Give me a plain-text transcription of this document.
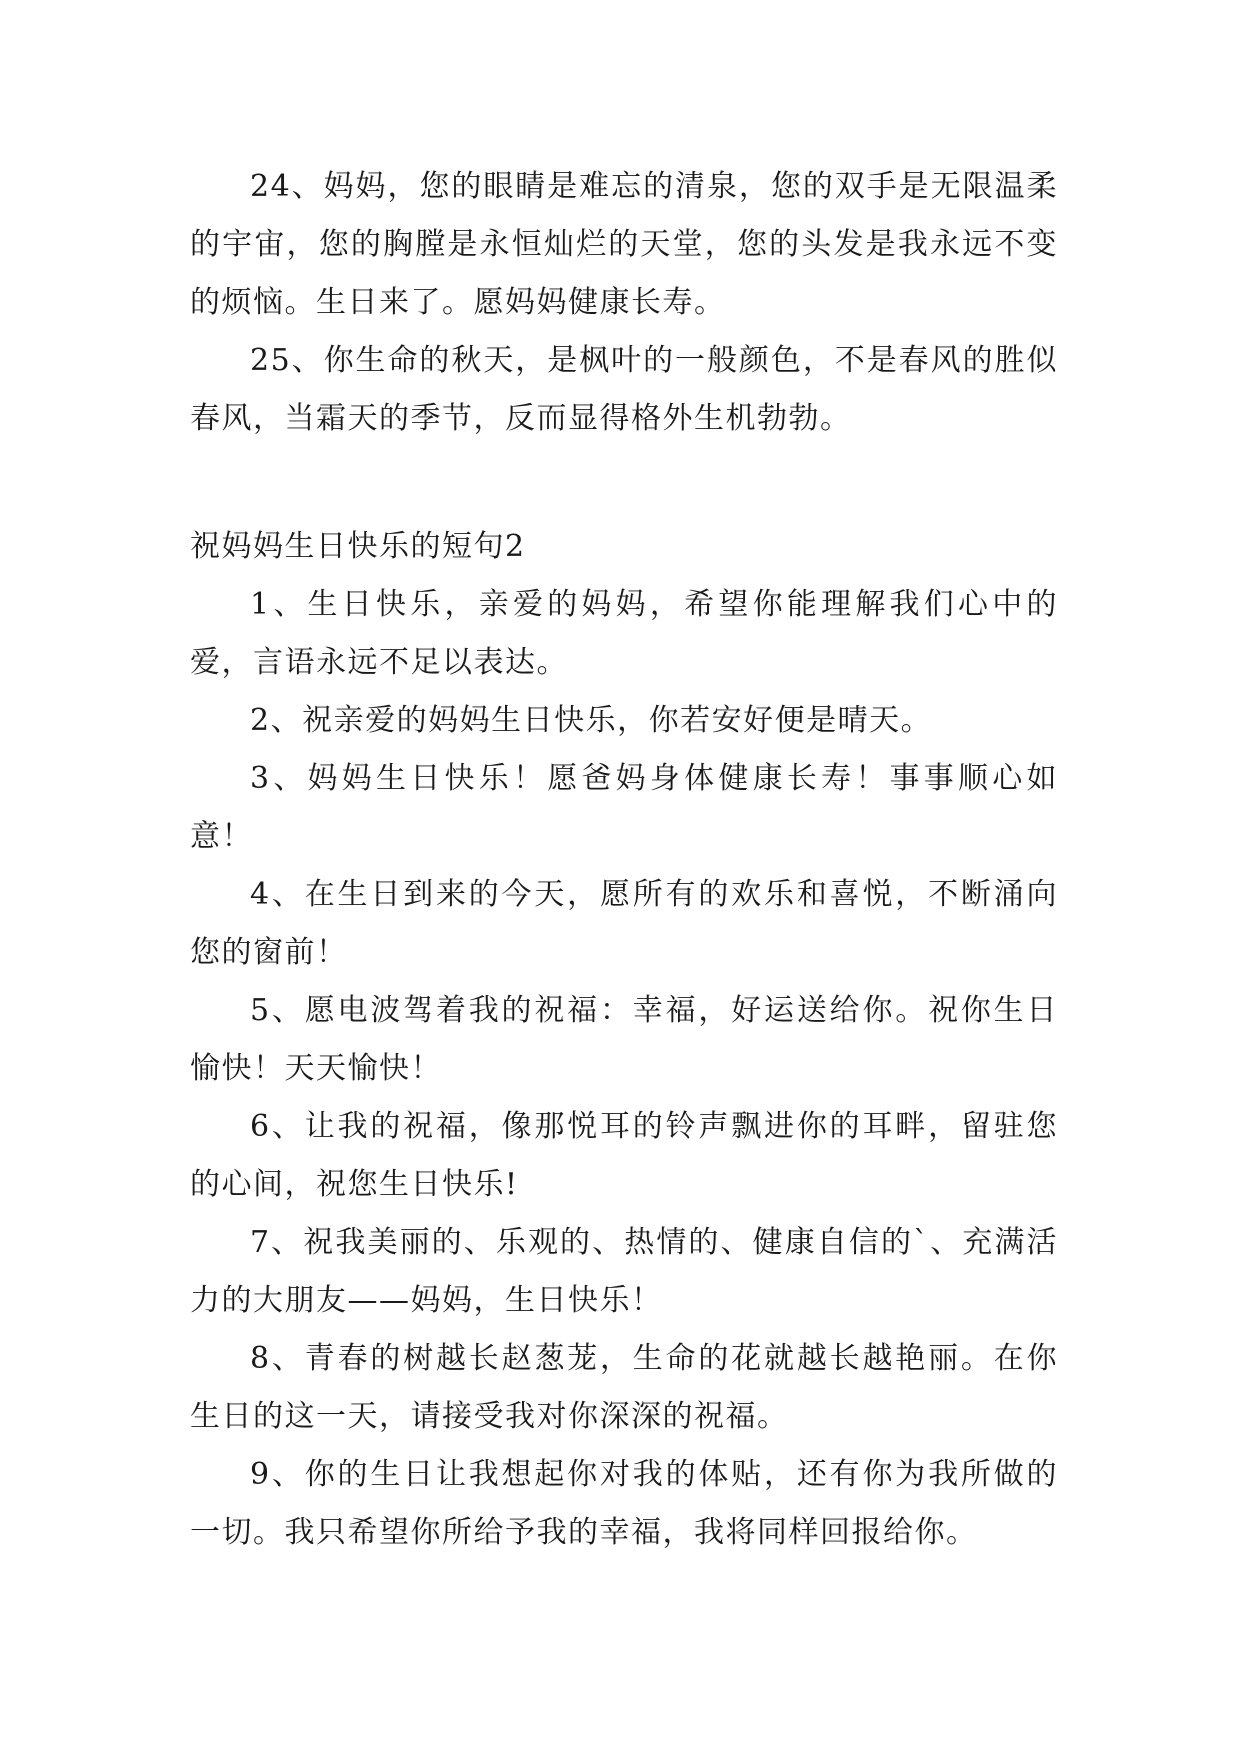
24、妈妈，您的眼睛是难忘的清泉，您的双手是无限温柔的宇宙，您的胸膛是永恒灿烂的天堂，您的头发是我永远不变的烦恼。生日来了。愿妈妈健康长寿。

25、你生命的秋天，是枫叶的一般颜色，不是春风的胜似春风，当霜天的季节，反而显得格外生机勃勃。

祝妈妈生日快乐的短句2

1、生日快乐，亲爱的妈妈，希望你能理解我们心中的爱，言语永远不足以表达。

2、祝亲爱的妈妈生日快乐，你若安好便是晴天。

3、妈妈生日快乐！愿爸妈身体健康长寿！事事顺心如意！

4、在生日到来的今天，愿所有的欢乐和喜悦，不断涌向您的窗前！

5、愿电波驾着我的祝福：幸福，好运送给你。祝你生日愉快！天天愉快！

6、让我的祝福，像那悦耳的铃声飘进你的耳畔，留驻您的心间，祝您生日快乐!

7、祝我美丽的、乐观的、热情的、健康自信的`、充满活力的大朋友——妈妈，生日快乐！

8、青春的树越长赵葱茏，生命的花就越长越艳丽。在你生日的这一天，请接受我对你深深的祝福。

9、你的生日让我想起你对我的体贴，还有你为我所做的一切。我只希望你所给予我的幸福，我将同样回报给你。
